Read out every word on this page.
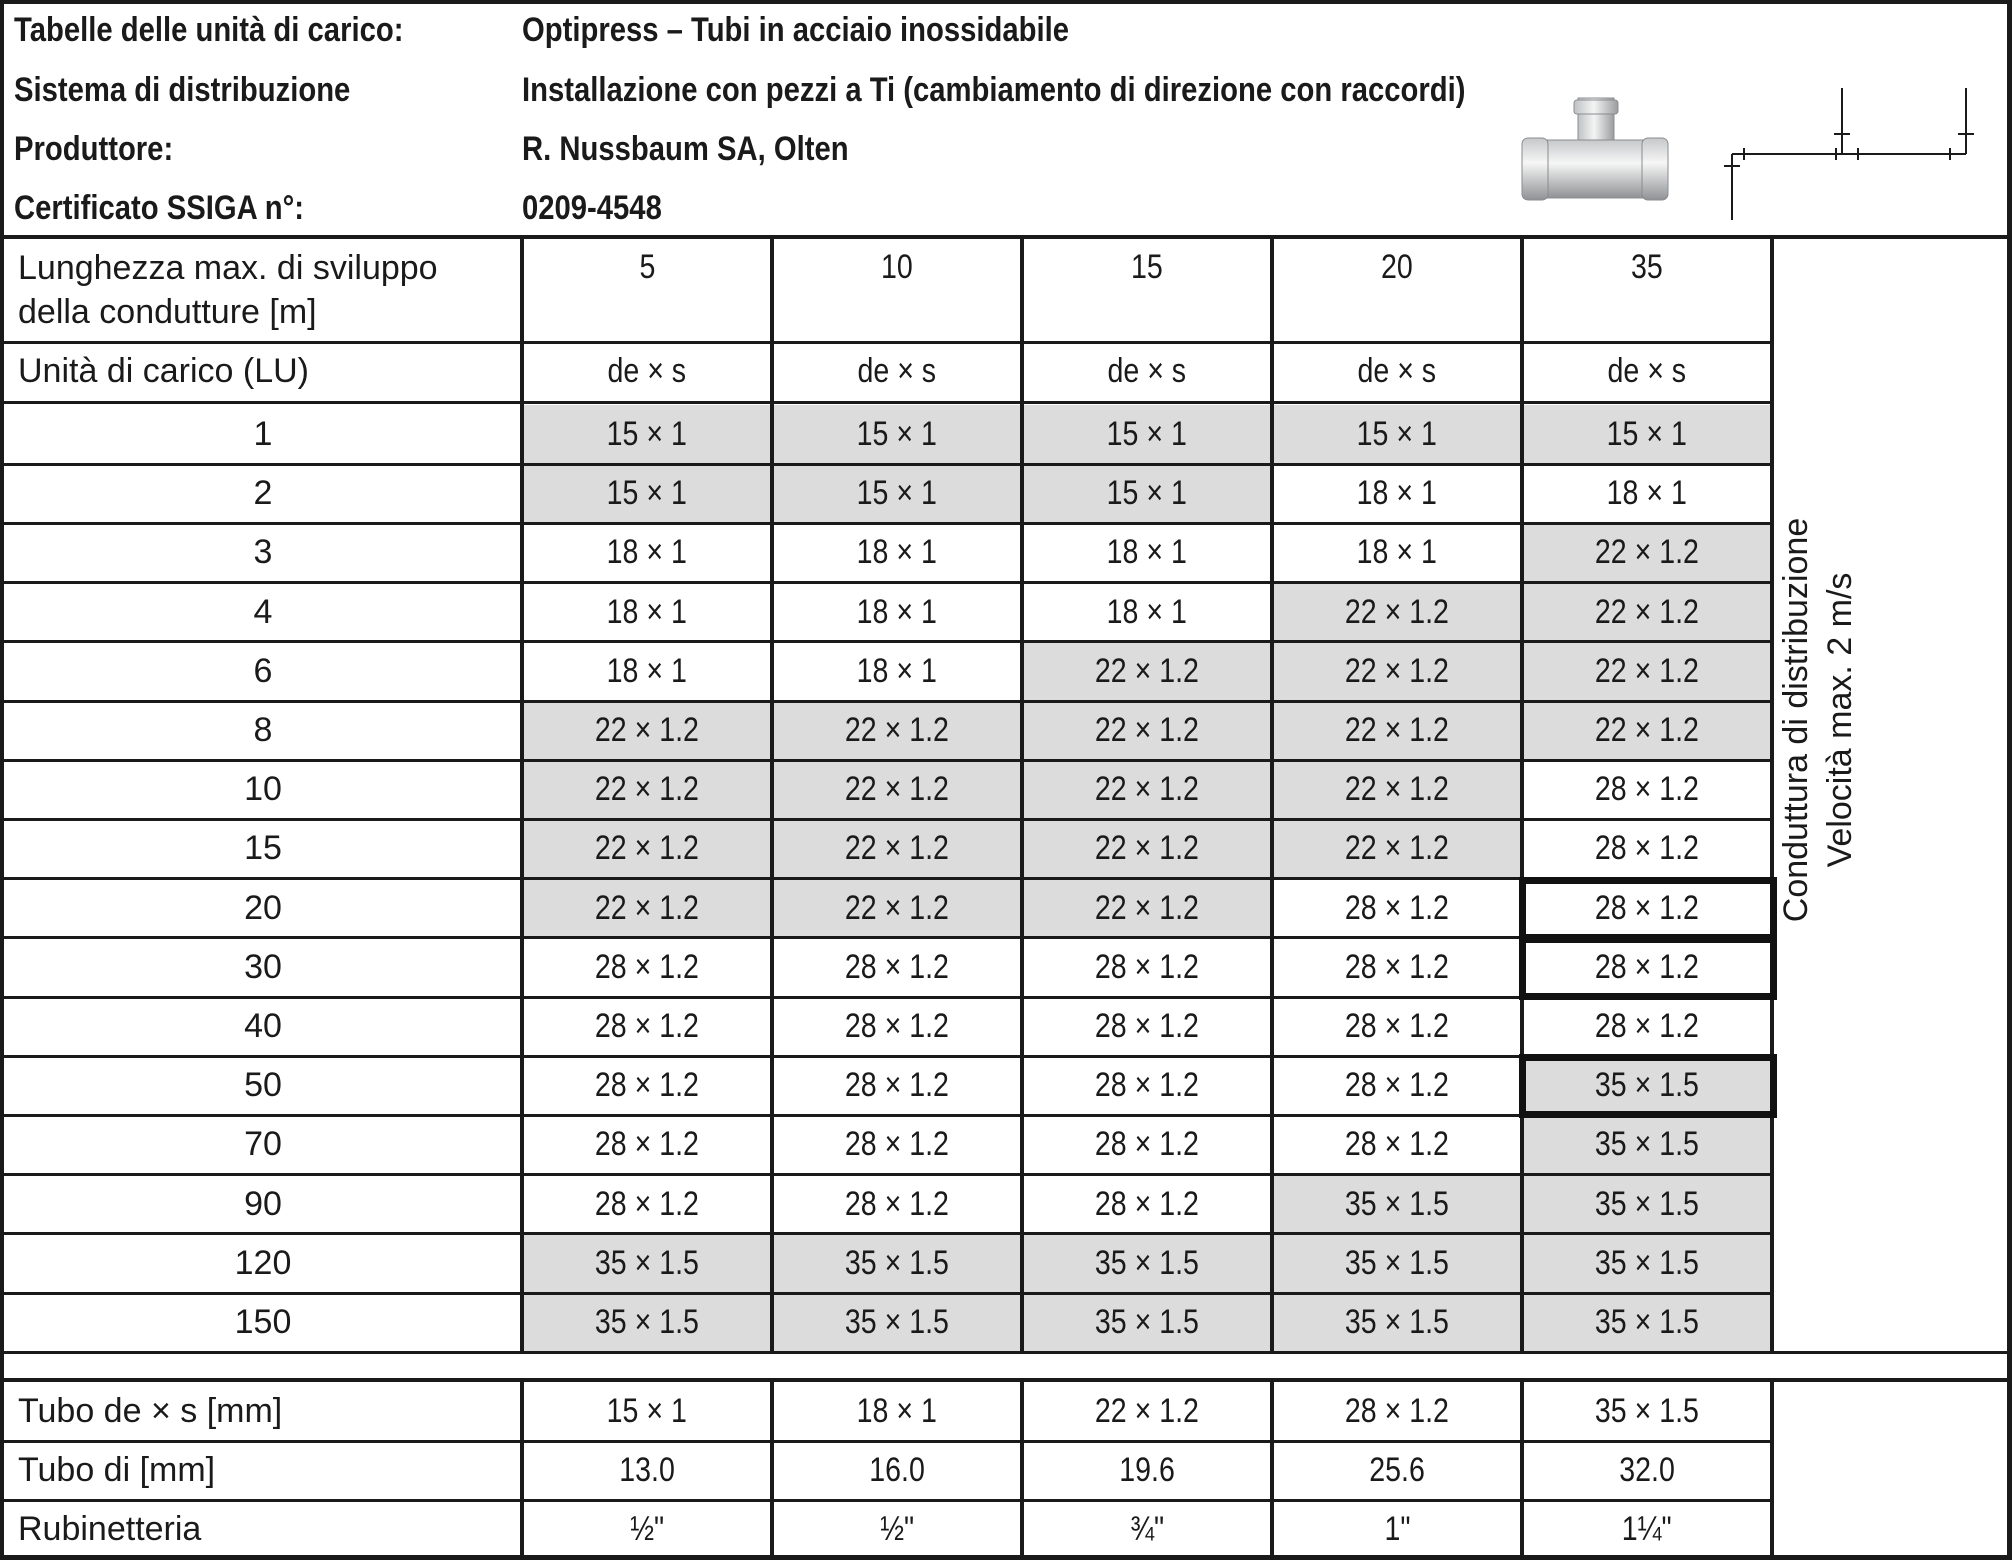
Tabelle delle unità di carico:	Optipress – Tubi in acciaio inossidabile
Sistema di distribuzione	Installazione con pezzi a Ti (cambiamento di direzione con raccordi)
Produttore:	R. Nussbaum SA, Olten
Certificato SSIGA n°:	0209-4548
Lunghezza max. di sviluppo
della condutture [m]
5	10	15	20	35
Unità di carico (LU)	de × s	de × s	de × s	de × s	de × s
1	15 × 1	15 × 1	15 × 1	15 × 1	15 × 1
2	15 × 1	15 × 1	15 × 1	18 × 1	18 × 1
3	18 × 1	18 × 1	18 × 1	18 × 1	22 × 1.2
4	18 × 1	18 × 1	18 × 1	22 × 1.2	22 × 1.2
6	18 × 1	18 × 1	22 × 1.2	22 × 1.2	22 × 1.2
8	22 × 1.2	22 × 1.2	22 × 1.2	22 × 1.2	22 × 1.2
10	22 × 1.2	22 × 1.2	22 × 1.2	22 × 1.2	28 × 1.2
15	22 × 1.2	22 × 1.2	22 × 1.2	22 × 1.2	28 × 1.2
20	22 × 1.2	22 × 1.2	22 × 1.2	28 × 1.2	28 × 1.2
30	28 × 1.2	28 × 1.2	28 × 1.2	28 × 1.2	28 × 1.2
40	28 × 1.2	28 × 1.2	28 × 1.2	28 × 1.2	28 × 1.2
50	28 × 1.2	28 × 1.2	28 × 1.2	28 × 1.2	35 × 1.5
70	28 × 1.2	28 × 1.2	28 × 1.2	28 × 1.2	35 × 1.5
90	28 × 1.2	28 × 1.2	28 × 1.2	35 × 1.5	35 × 1.5
120	35 × 1.5	35 × 1.5	35 × 1.5	35 × 1.5	35 × 1.5
150	35 × 1.5	35 × 1.5	35 × 1.5	35 × 1.5	35 × 1.5
Tubo de × s [mm]	15 × 1	18 × 1	22 × 1.2	28 × 1.2	35 × 1.5
Tubo di [mm]	13.0	16.0	19.6	25.6	32.0
Rubinetteria	½"	½"	¾"	1"	1¼"
Conduttura di distribuzione Velocità max. 2 m/s
